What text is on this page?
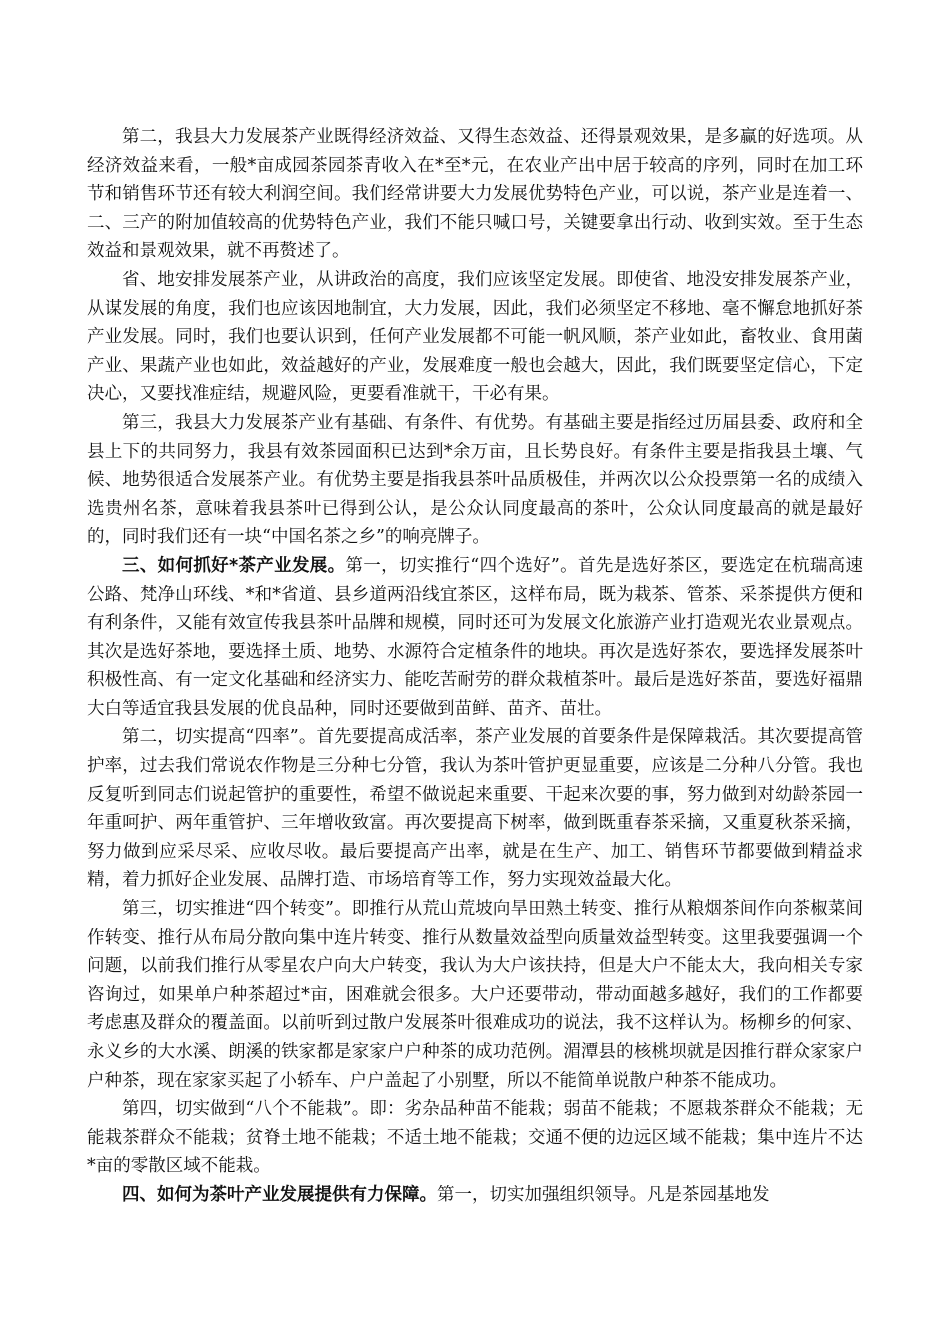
第二，我县大力发展茶产业既得经济效益、又得生态效益、还得景观效果，是多赢的好选项。从经济效益来看，一般*亩成园茶园茶青收入在*至*元，在农业产出中居于较高的序列，同时在加工环节和销售环节还有较大利润空间。我们经常讲要大力发展优势特色产业，可以说，茶产业是连着一、二、三产的附加值较高的优势特色产业，我们不能只喊口号，关键要拿出行动、收到实效。至于生态效益和景观效果，就不再赘述了。

省、地安排发展茶产业，从讲政治的高度，我们应该坚定发展。即使省、地没安排发展茶产业，从谋发展的角度，我们也应该因地制宜，大力发展，因此，我们必须坚定不移地、毫不懈怠地抓好茶产业发展。同时，我们也要认识到，任何产业发展都不可能一帆风顺，茶产业如此，畜牧业、食用菌产业、果蔬产业也如此，效益越好的产业，发展难度一般也会越大，因此，我们既要坚定信心，下定决心，又要找准症结，规避风险，更要看准就干，干必有果。

第三，我县大力发展茶产业有基础、有条件、有优势。有基础主要是指经过历届县委、政府和全县上下的共同努力，我县有效茶园面积已达到*余万亩，且长势良好。有条件主要是指我县土壤、气候、地势很适合发展茶产业。有优势主要是指我县茶叶品质极佳，并两次以公众投票第一名的成绩入选贵州名茶，意味着我县茶叶已得到公认，是公众认同度最高的茶叶，公众认同度最高的就是最好的，同时我们还有一块“中国名茶之乡”的响亮牌子。

三、如何抓好*茶产业发展。第一，切实推行“四个选好”。首先是选好茶区，要选定在杭瑞高速公路、梵净山环线、*和*省道、县乡道两沿线宜茶区，这样布局，既为栽茶、管茶、采茶提供方便和有利条件，又能有效宣传我县茶叶品牌和规模，同时还可为发展文化旅游产业打造观光农业景观点。其次是选好茶地，要选择土质、地势、水源符合定植条件的地块。再次是选好茶农，要选择发展茶叶积极性高、有一定文化基础和经济实力、能吃苦耐劳的群众栽植茶叶。最后是选好茶苗，要选好福鼎大白等适宜我县发展的优良品种，同时还要做到苗鲜、苗齐、苗壮。

第二，切实提高“四率”。首先要提高成活率，茶产业发展的首要条件是保障栽活。其次要提高管护率，过去我们常说农作物是三分种七分管，我认为茶叶管护更显重要，应该是二分种八分管。我也反复听到同志们说起管护的重要性，希望不做说起来重要、干起来次要的事，努力做到对幼龄茶园一年重呵护、两年重管护、三年增收致富。再次要提高下树率，做到既重春茶采摘，又重夏秋茶采摘，努力做到应采尽采、应收尽收。最后要提高产出率，就是在生产、加工、销售环节都要做到精益求精，着力抓好企业发展、品牌打造、市场培育等工作，努力实现效益最大化。

第三，切实推进“四个转变”。即推行从荒山荒坡向旱田熟土转变、推行从粮烟茶间作向茶椒菜间作转变、推行从布局分散向集中连片转变、推行从数量效益型向质量效益型转变。这里我要强调一个问题，以前我们推行从零星农户向大户转变，我认为大户该扶持，但是大户不能太大，我向相关专家咨询过，如果单户种茶超过*亩，困难就会很多。大户还要带动，带动面越多越好，我们的工作都要考虑惠及群众的覆盖面。以前听到过散户发展茶叶很难成功的说法，我不这样认为。杨柳乡的何家、永义乡的大水溪、朗溪的铁家都是家家户户种茶的成功范例。湄潭县的核桃坝就是因推行群众家家户户种茶，现在家家买起了小轿车、户户盖起了小别墅，所以不能简单说散户种茶不能成功。

第四，切实做到“八个不能栽”。即：劣杂品种苗不能栽；弱苗不能栽；不愿栽茶群众不能栽；无能栽茶群众不能栽；贫脊土地不能栽；不适土地不能栽；交通不便的边远区域不能栽；集中连片不达*亩的零散区域不能栽。

四、如何为茶叶产业发展提供有力保障。第一，切实加强组织领导。凡是茶园基地发
